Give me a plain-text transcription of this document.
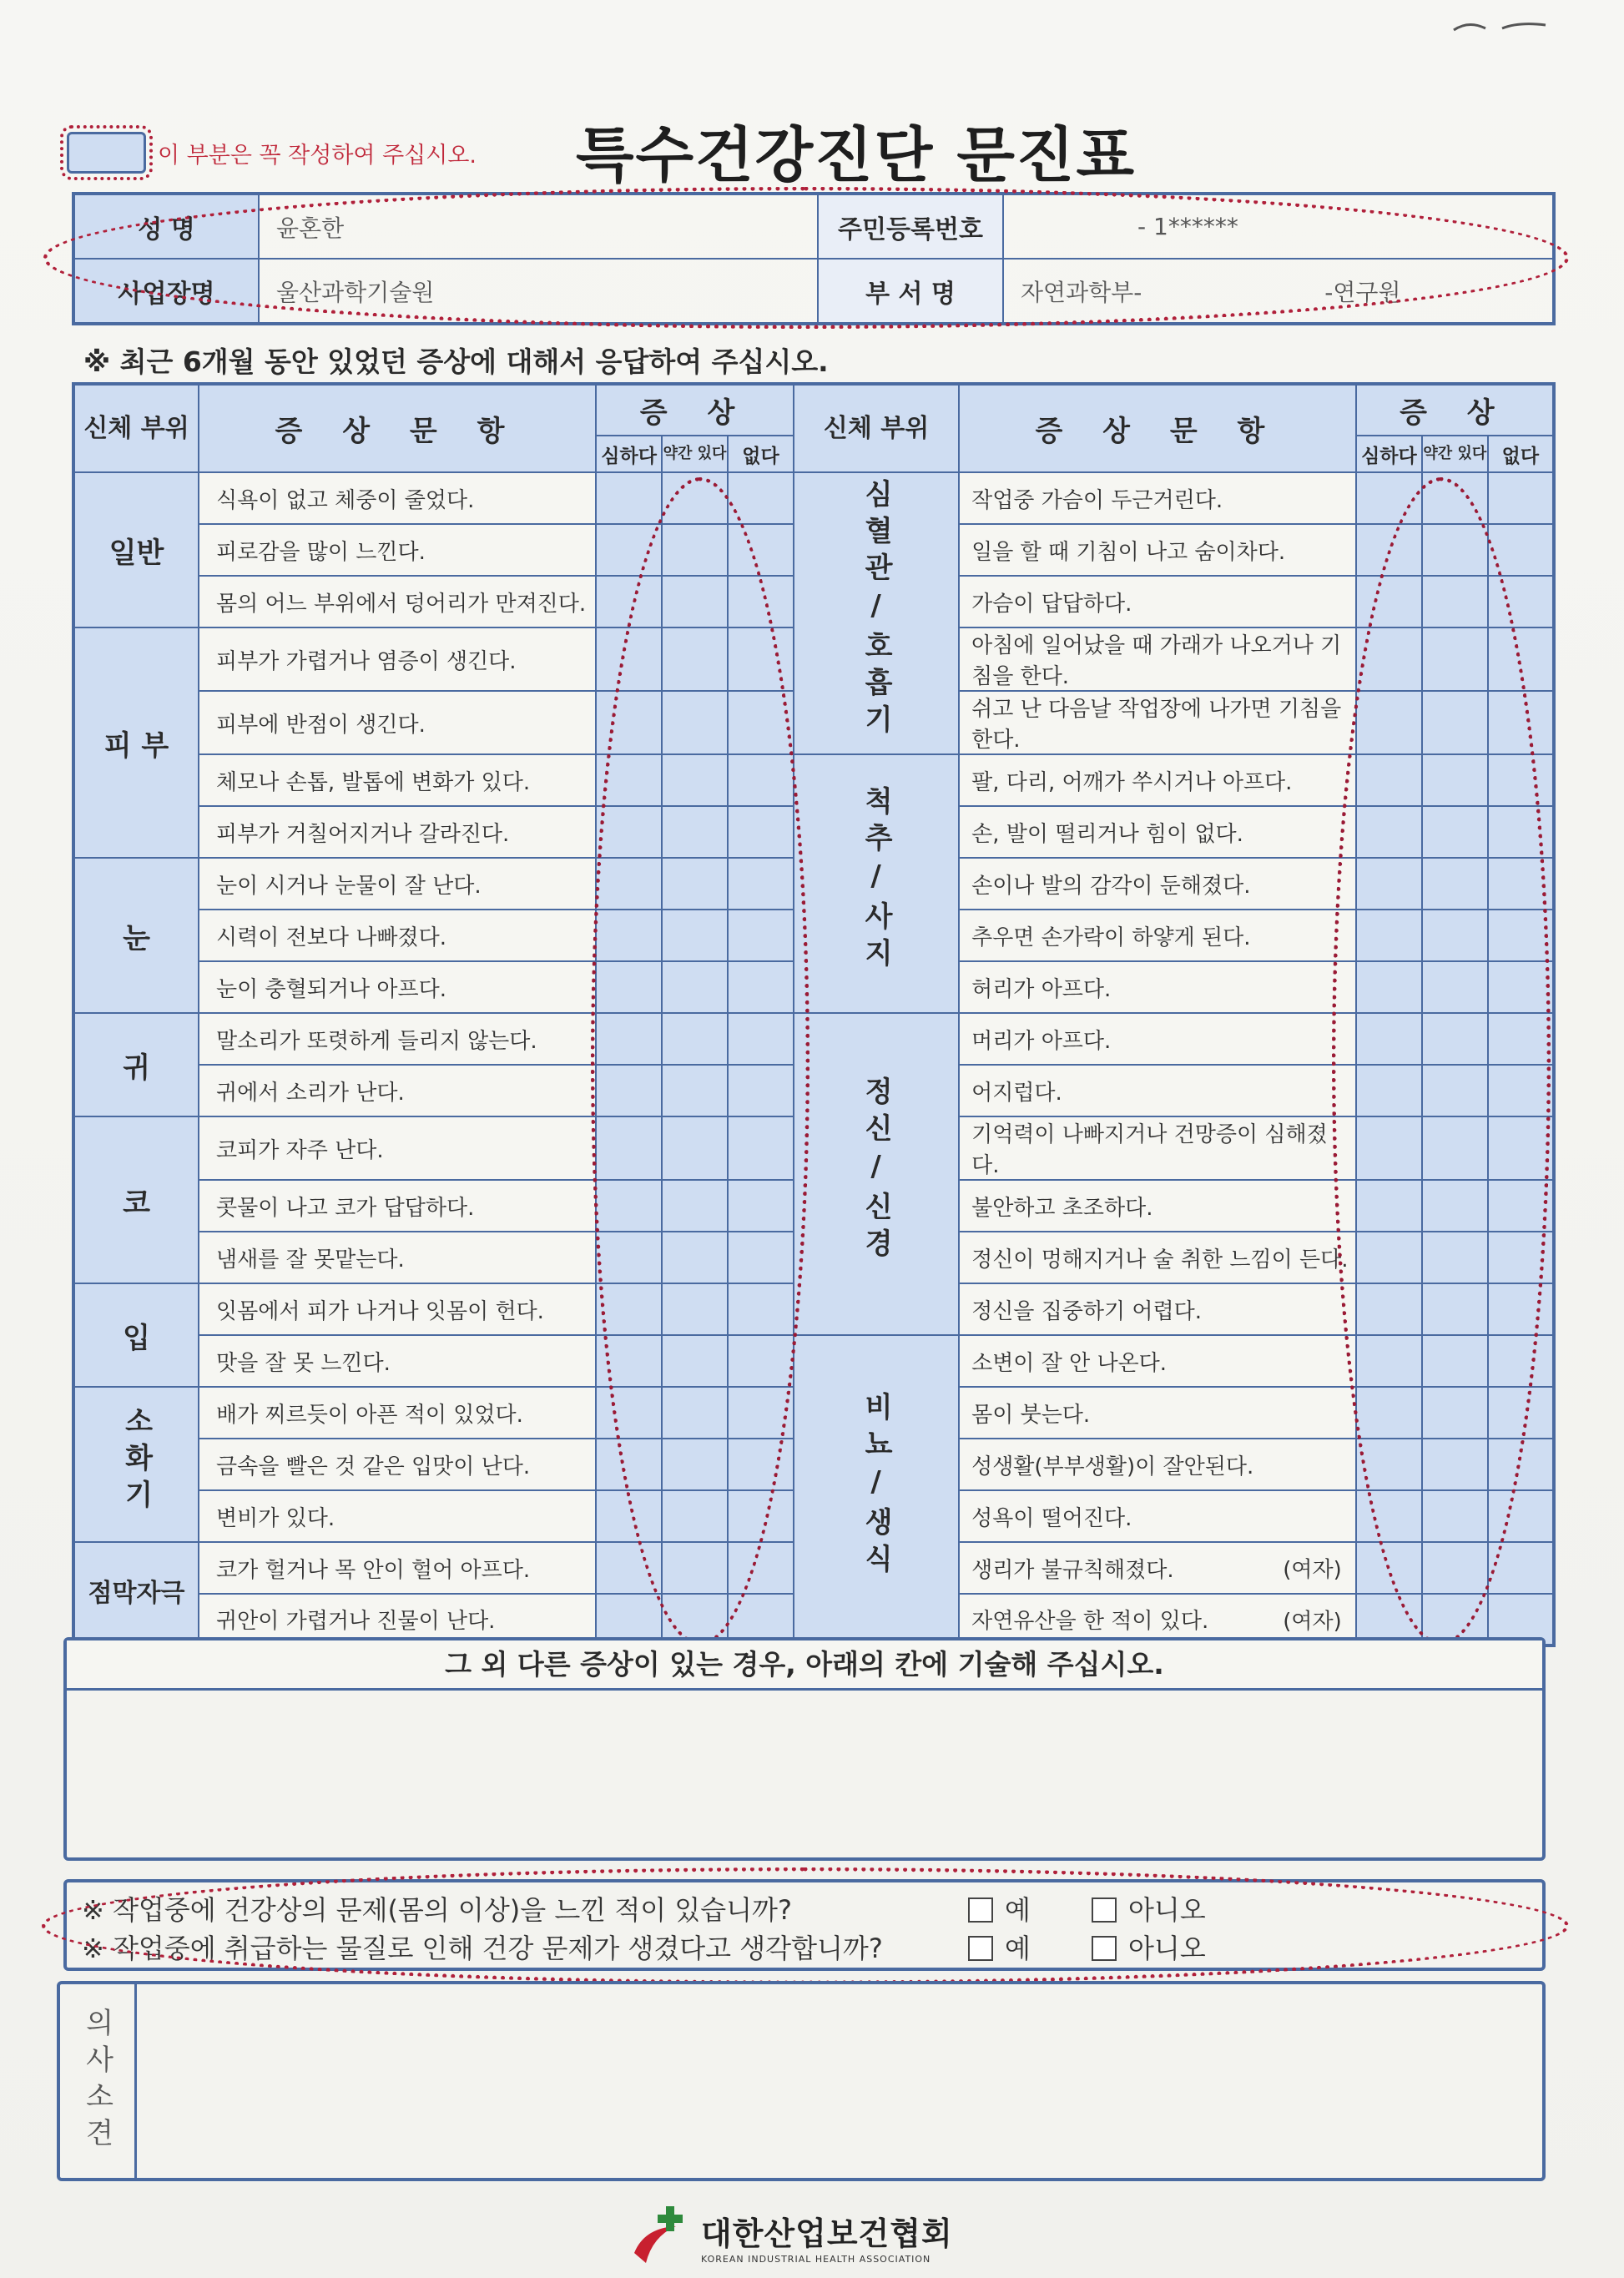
이 부분은 꼭 작성하여 주십시오. 특수건강진단 문진표
성 명	윤혼한	주민등록번호	- 1******
사업장명	울산과학기술원	부 서 명	자연과학부- -연구원
※ 최근 6개월 동안 있었던 증상에 대해서 응답하여 주십시오.
신체 부위	증 상 문 항	증 상			신체 부위	증 상 문 항	증 상		
		심하다	약간 있다	없다			심하다	약간 있다	없다
일반	식욕이 없고 체중이 줄었다.				심혈관/호흡기	작업중 가슴이 두근거린다.			
	피로감을 많이 느낀다.					일을 할 때 기침이 나고 숨이차다.			
	몸의 어느 부위에서 덩어리가 만져진다.					가슴이 답답하다.			
피 부	피부가 가렵거나 염증이 생긴다.					아침에 일어났을 때 가래가 나오거나 기침을 한다.			
	피부에 반점이 생긴다.					쉬고 난 다음날 작업장에 나가면 기침을 한다.			
	체모나 손톱, 발톱에 변화가 있다.				척추/사지	팔, 다리, 어깨가 쑤시거나 아프다.			
	피부가 거칠어지거나 갈라진다.					손, 발이 떨리거나 힘이 없다.			
눈	눈이 시거나 눈물이 잘 난다.					손이나 발의 감각이 둔해졌다.			
	시력이 전보다 나빠졌다.					추우면 손가락이 하얗게 된다.			
	눈이 충혈되거나 아프다.					허리가 아프다.			
귀	말소리가 또렷하게 들리지 않는다.				정신/신경	머리가 아프다.			
	귀에서 소리가 난다.					어지럽다.			
코	코피가 자주 난다.					기억력이 나빠지거나 건망증이 심해졌다.			
	콧물이 나고 코가 답답하다.					불안하고 초조하다.			
	냄새를 잘 못맡는다.					정신이 멍해지거나 술 취한 느낌이 든다.			
입	잇몸에서 피가 나거나 잇몸이 헌다.					정신을 집중하기 어렵다.			
	맛을 잘 못 느낀다.				비뇨/생식	소변이 잘 안 나온다.			
소화기	배가 찌르듯이 아픈 적이 있었다.					몸이 붓는다.			
	금속을 빨은 것 같은 입맛이 난다.					성생활(부부생활)이 잘안된다.			
	변비가 있다.					성욕이 떨어진다.			
점막자극	코가 헐거나 목 안이 헐어 아프다.					생리가 불규칙해졌다. (여자)			

	귀안이 가렵거나 진물이 난다.					자연유산을 한 적이 있다. (여자)			

그 외 다른 증상이 있는 경우, 아래의 칸에 기술해 주십시오.
※ 작업중에 건강상의 문제(몸의 이상)을 느낀 적이 있습니까?	예	아니오
※ 작업중에 취급하는 물질로 인해 건강 문제가 생겼다고 생각합니까?	예	아니오
의사소견
대한산업보건협회
KOREAN INDUSTRIAL HEALTH ASSOCIATION
